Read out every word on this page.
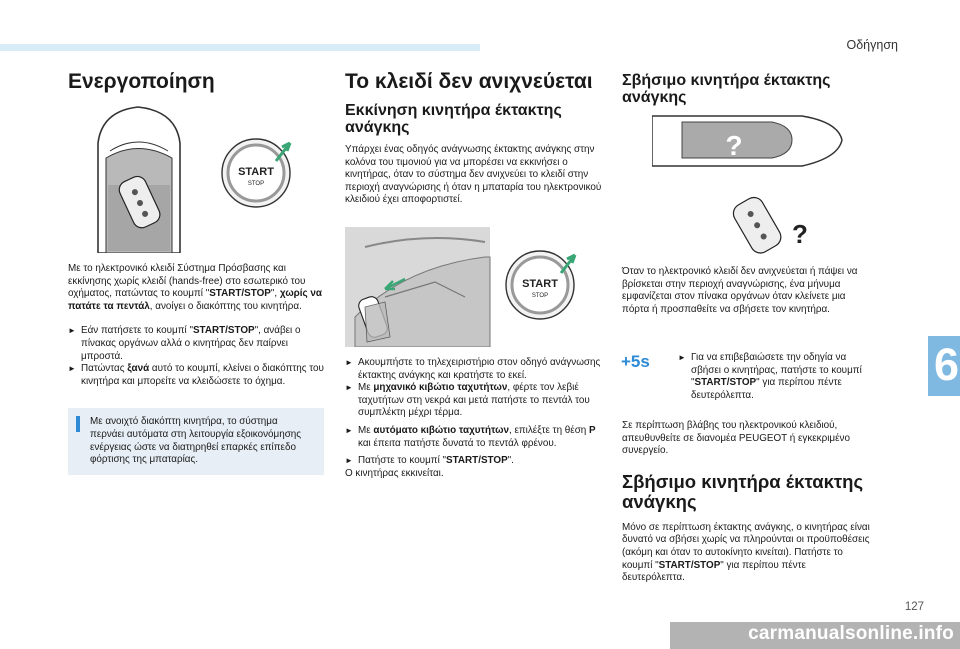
Οδήγηση
Ενεργοποίηση
START
STOP

Με το ηλεκτρονικό κλειδί Σύστημα Πρόσβασης και εκκίνησης χωρίς κλειδί (hands-free) στο εσωτερικό του οχήματος, πατώντας το κουμπί "START/STOP", χωρίς να πατάτε τα πεντάλ, ανοίγει ο διακόπτης του κινητήρα.

► Εάν πατήσετε το κουμπί "START/STOP", ανάβει ο πίνακας οργάνων αλλά ο κινητήρας δεν παίρνει μπροστά.

► Πατώντας ξανά αυτό το κουμπί, κλείνει ο διακόπτης του κινητήρα και μπορείτε να κλειδώσετε το όχημα.

Με ανοιχτό διακόπτη κινητήρα, το σύστημα περνάει αυτόματα στη λειτουργία εξοικονόμησης ενέργειας ώστε να διατηρηθεί επαρκές επίπεδο φόρτισης της μπαταρίας.

Το κλειδί δεν ανιχνεύεται
Εκκίνηση κινητήρα έκτακτης ανάγκης

Υπάρχει ένας οδηγός ανάγνωσης έκτακτης ανάγκης στην κολόνα του τιμονιού για να μπορέσει να εκκινήσει ο κινητήρας, όταν το σύστημα δεν ανιχνεύει το κλειδί στην περιοχή αναγνώρισης ή όταν η μπαταρία του ηλεκτρονικού κλειδιού έχει αποφορτιστεί.

START
STOP

► Ακουμπήστε το τηλεχειριστήριο στον οδηγό ανάγνωσης έκτακτης ανάγκης και κρατήστε το εκεί.

► Με μηχανικό κιβώτιο ταχυτήτων, φέρτε τον λεβιέ ταχυτήτων στη νεκρά και μετά πατήστε το πεντάλ του συμπλέκτη μέχρι τέρμα.

► Με αυτόματο κιβώτιο ταχυτήτων, επιλέξτε τη θέση P και έπειτα πατήστε δυνατά το πεντάλ φρένου.

► Πατήστε το κουμπί "START/STOP".

Ο κινητήρας εκκινείται.

Σβήσιμο κινητήρα έκτακτης ανάγκης
?
?

Όταν το ηλεκτρονικό κλειδί δεν ανιχνεύεται ή πάψει να βρίσκεται στην περιοχή αναγνώρισης, ένα μήνυμα εμφανίζεται στον πίνακα οργάνων όταν κλείνετε μια πόρτα ή προσπαθείτε να σβήσετε τον κινητήρα.

+5s	► Για να επιβεβαιώσετε την οδηγία να σβήσει ο κινητήρας, πατήστε το κουμπί "START/STOP" για περίπου πέντε δευτερόλεπτα.

Σε περίπτωση βλάβης του ηλεκτρονικού κλειδιού, απευθυνθείτε σε διανομέα PEUGEOT ή εγκεκριμένο συνεργείο.

Σβήσιμο κινητήρα έκτακτης ανάγκης

Μόνο σε περίπτωση έκτακτης ανάγκης, ο κινητήρας είναι δυνατό να σβήσει χωρίς να πληρούνται οι προϋποθέσεις (ακόμη και όταν το αυτοκίνητο κινείται). Πατήστε το κουμπί "START/STOP" για περίπου πέντε δευτερόλεπτα.

6
127
carmanualsonline.info
